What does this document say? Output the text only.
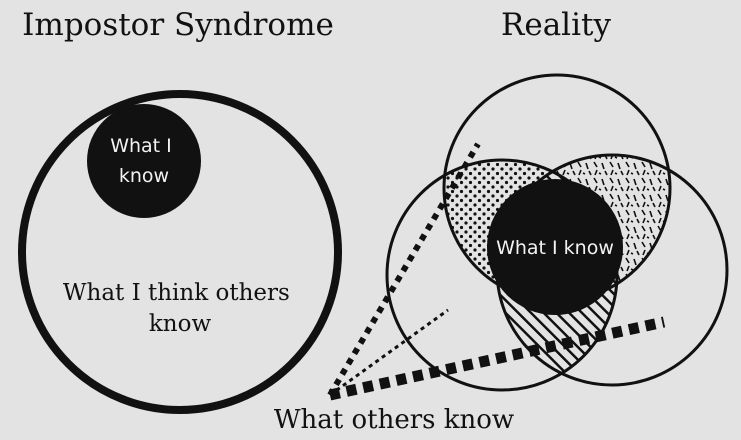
Impostor Syndrome
What I know
What I think others know
Reality
What I know
What others know
